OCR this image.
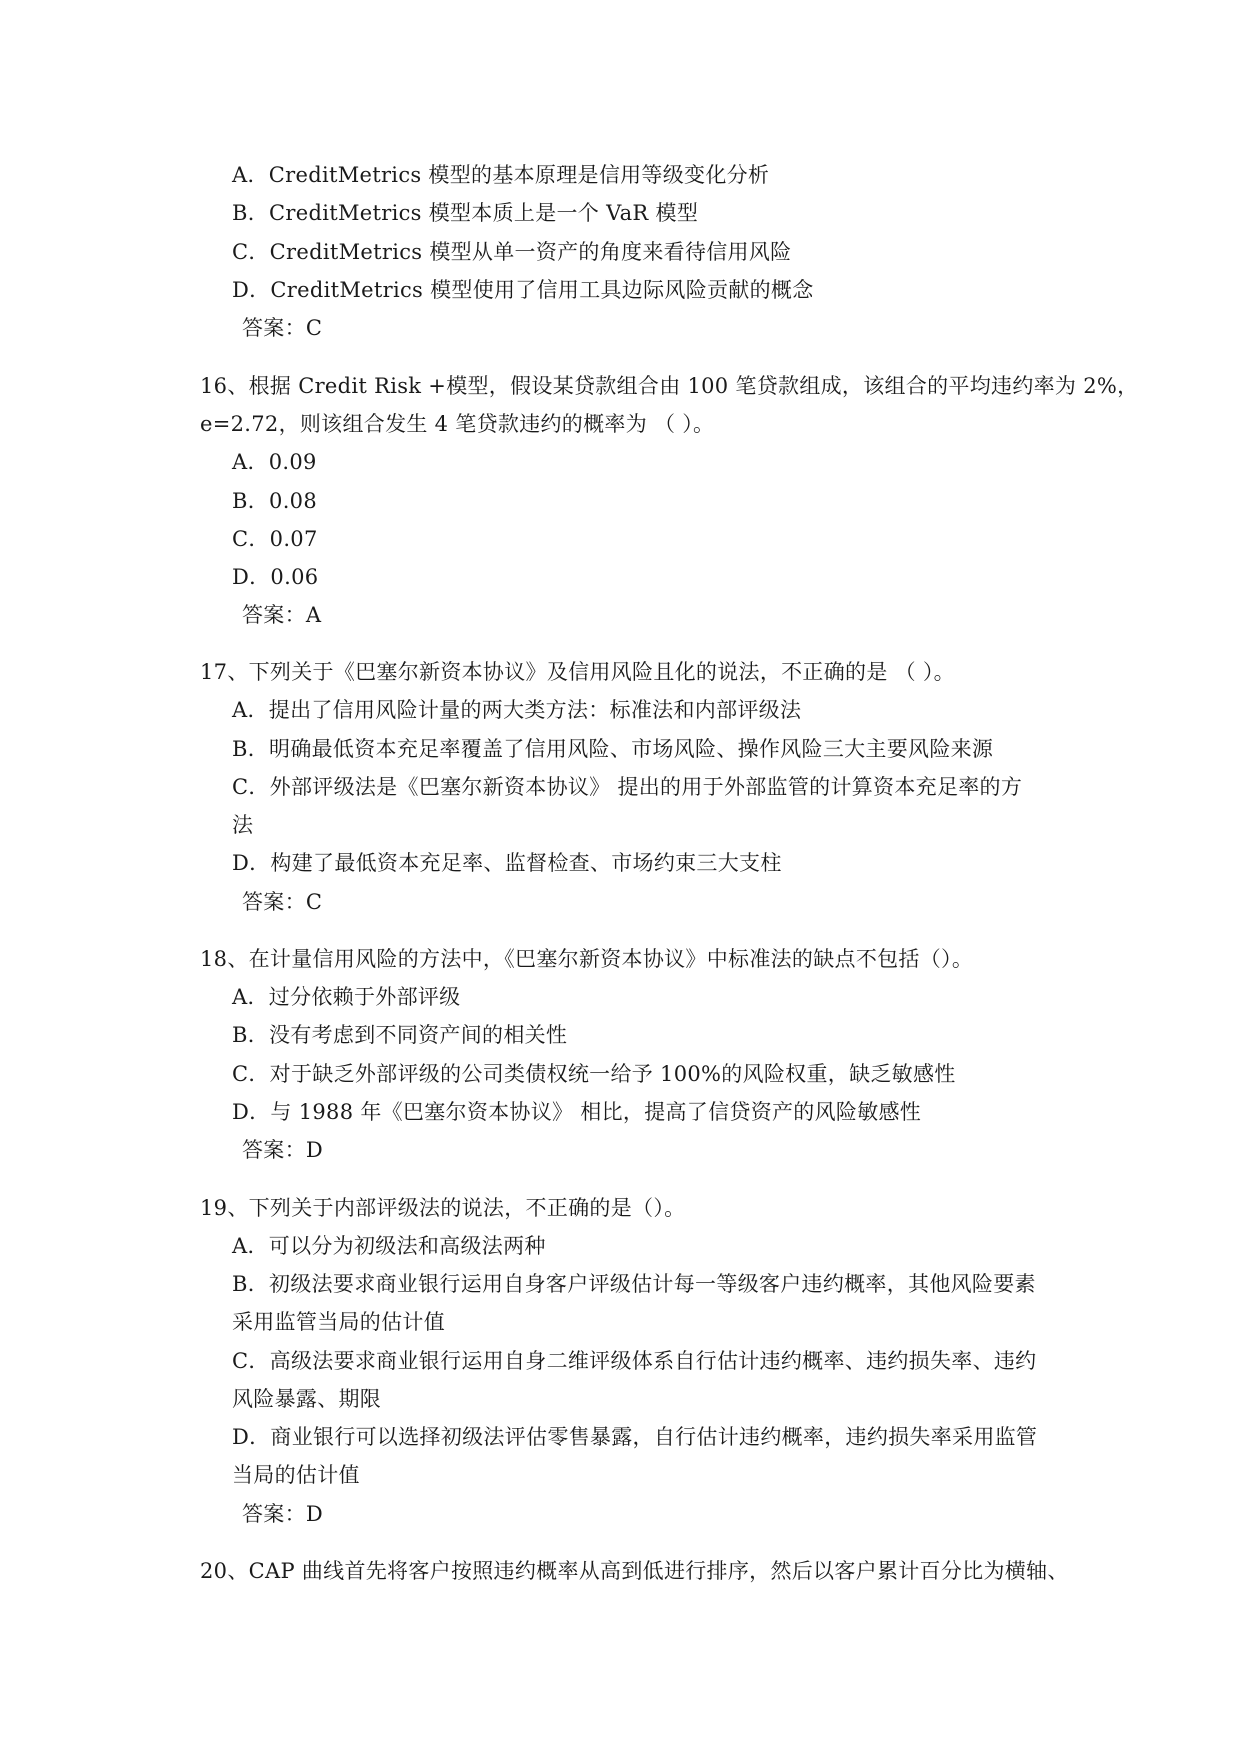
A．CreditMetrics 模型的基本原理是信用等级变化分析
B．CreditMetrics 模型本质上是一个 VaR 模型
C．CreditMetrics 模型从单一资产的角度来看待信用风险
D．CreditMetrics 模型使用了信用工具边际风险贡献的概念
答案：C
16、根据 Credit Risk +模型，假设某贷款组合由 100 笔贷款组成，该组合的平均违约率为 2%，
e=2.72，则该组合发生 4 笔贷款违约的概率为 （ ）。
A．0.09
B．0.08
C．0.07
D．0.06
答案：A
17、下列关于《巴塞尔新资本协议》及信用风险且化的说法，不正确的是 （ ）。
A．提出了信用风险计量的两大类方法：标准法和内部评级法
B．明确最低资本充足率覆盖了信用风险、市场风险、操作风险三大主要风险来源
C．外部评级法是《巴塞尔新资本协议》 提出的用于外部监管的计算资本充足率的方
法
D．构建了最低资本充足率、监督检查、市场约束三大支柱
答案：C
18、在计量信用风险的方法中，《巴塞尔新资本协议》中标准法的缺点不包括（）。
A．过分依赖于外部评级
B．没有考虑到不同资产间的相关性
C．对于缺乏外部评级的公司类债权统一给予 100%的风险权重，缺乏敏感性
D．与 1988 年《巴塞尔资本协议》 相比，提高了信贷资产的风险敏感性
答案：D
19、下列关于内部评级法的说法，不正确的是（）。
A．可以分为初级法和高级法两种
B．初级法要求商业银行运用自身客户评级估计每一等级客户违约概率，其他风险要素
采用监管当局的估计值
C．高级法要求商业银行运用自身二维评级体系自行估计违约概率、违约损失率、违约
风险暴露、期限
D．商业银行可以选择初级法评估零售暴露，自行估计违约概率，违约损失率采用监管
当局的估计值
答案：D
20、CAP 曲线首先将客户按照违约概率从高到低进行排序，然后以客户累计百分比为横轴、
